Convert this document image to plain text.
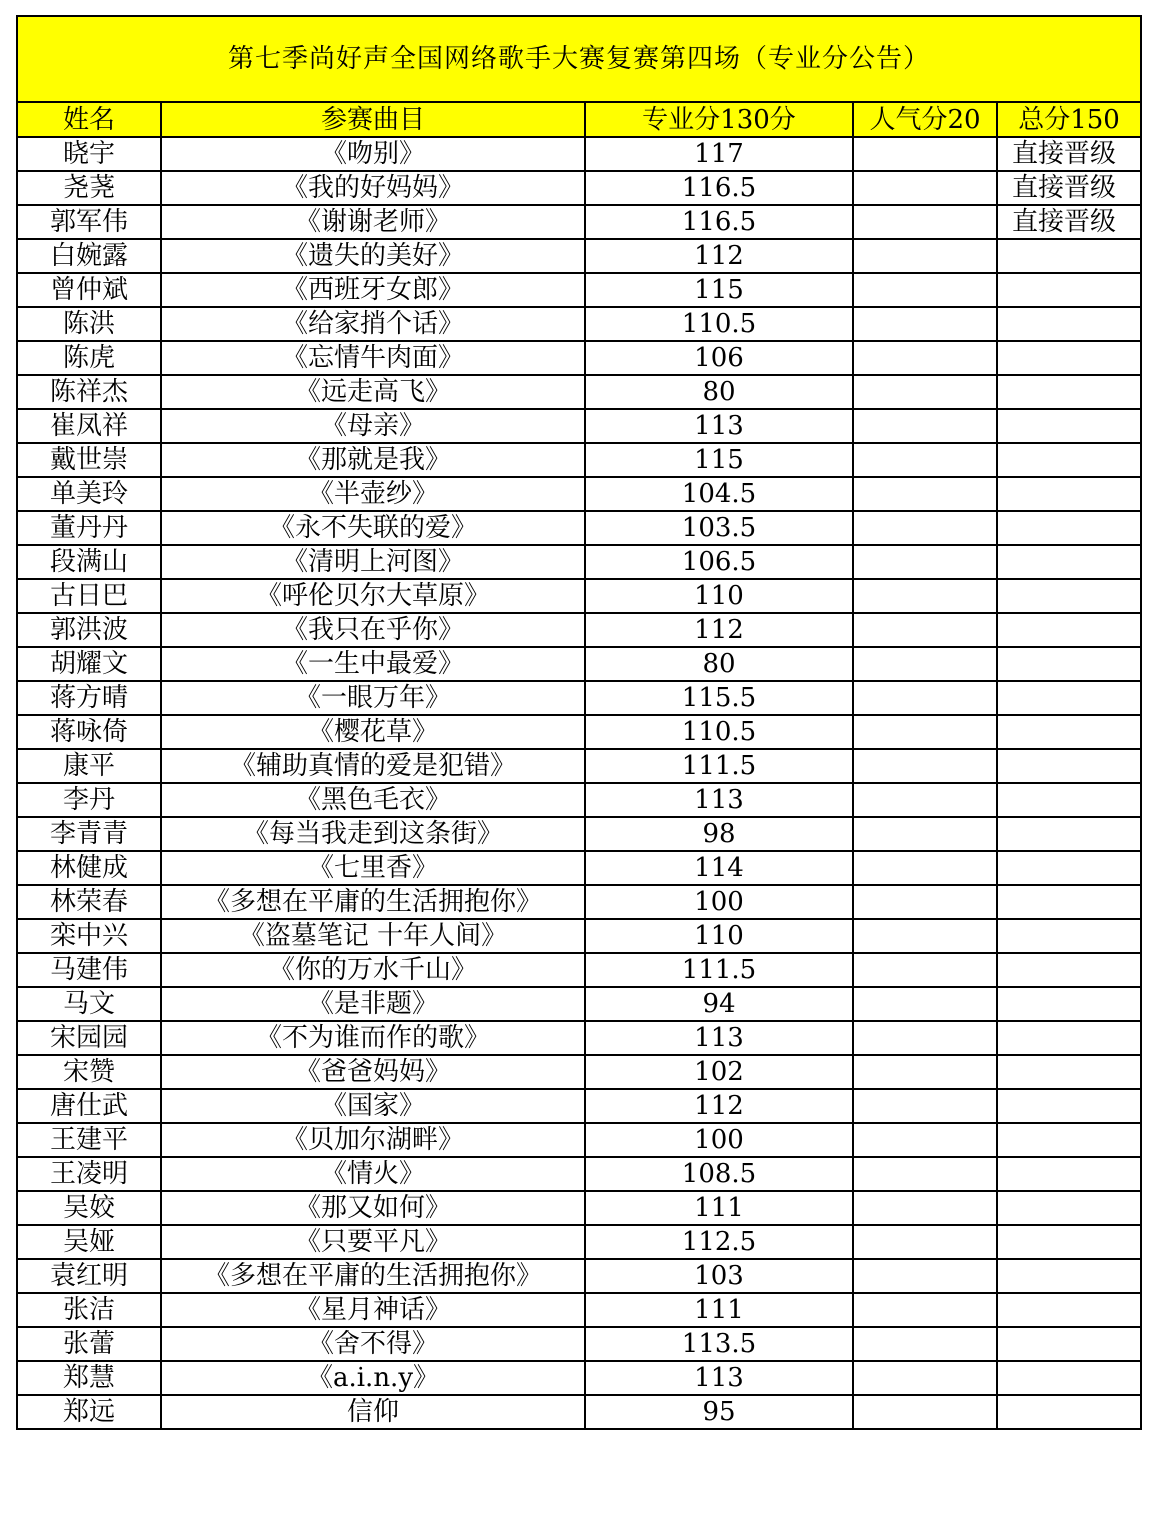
第七季尚好声全国网络歌手大赛复赛第四场（专业分公告）				
姓名	参赛曲目	专业分130分	人气分20	总分150
晓宇	《吻别》	117		直接晋级
尧荛	《我的好妈妈》	116.5		直接晋级
郭军伟	《谢谢老师》	116.5		直接晋级
白婉露	《遗失的美好》	112		
曾仲斌	《西班牙女郎》	115		
陈洪	《给家捎个话》	110.5		
陈虎	《忘情牛肉面》	106		
陈祥杰	《远走高飞》	80		
崔凤祥	《母亲》	113		
戴世崇	《那就是我》	115		
单美玲	《半壶纱》	104.5		
董丹丹	《永不失联的爱》	103.5		
段满山	《清明上河图》	106.5		
古日巴	《呼伦贝尔大草原》	110		
郭洪波	《我只在乎你》	112		
胡耀文	《一生中最爱》	80		
蒋方晴	《一眼万年》	115.5		
蒋咏倚	《樱花草》	110.5		
康平	《辅助真情的爱是犯错》	111.5		
李丹	《黑色毛衣》	113		
李青青	《每当我走到这条街》	98		
林健成	《七里香》	114		
林荣春	《多想在平庸的生活拥抱你》	100		
栾中兴	《盗墓笔记 十年人间》	110		
马建伟	《你的万水千山》	111.5		
马文	《是非题》	94		
宋园园	《不为谁而作的歌》	113		
宋赞	《爸爸妈妈》	102		
唐仕武	《国家》	112		
王建平	《贝加尔湖畔》	100		
王凌明	《情火》	108.5		
吴姣	《那又如何》	111		
吴娅	《只要平凡》	112.5		
袁红明	《多想在平庸的生活拥抱你》	103		
张洁	《星月神话》	111		
张蕾	《舍不得》	113.5		
郑慧	《a.i.n.y》	113		
郑远	信仰	95		
